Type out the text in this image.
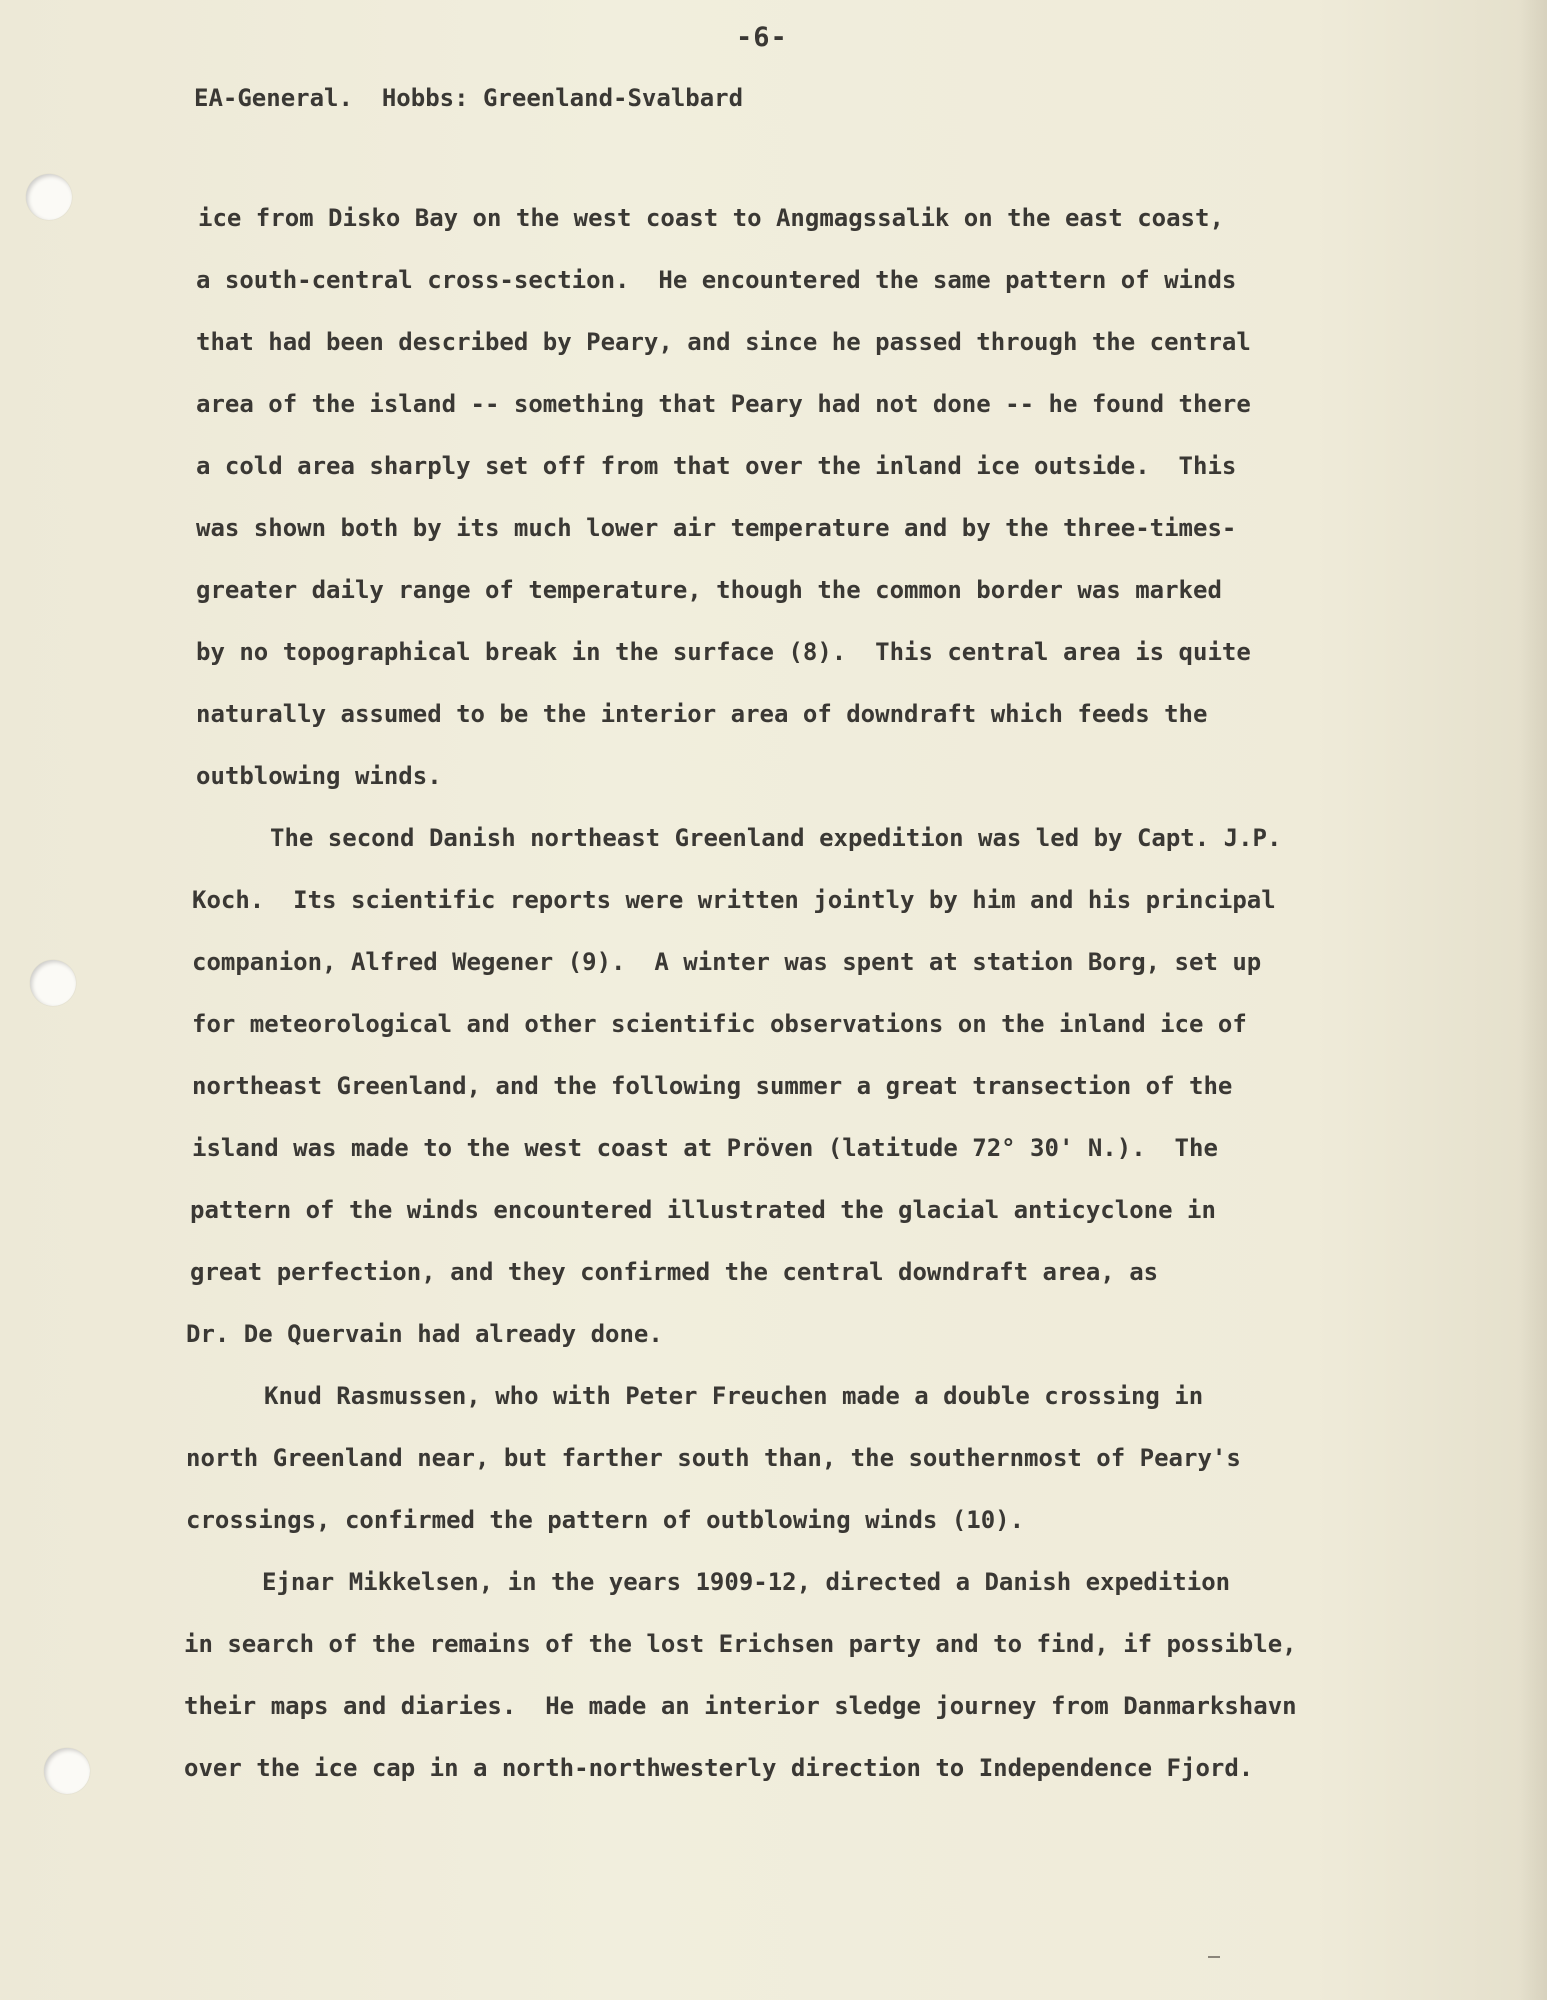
-6-
EA-General.  Hobbs: Greenland-Svalbard
ice from Disko Bay on the west coast to Angmagssalik on the east coast,
a south-central cross-section.  He encountered the same pattern of winds
that had been described by Peary, and since he passed through the central
area of the island -- something that Peary had not done -- he found there
a cold area sharply set off from that over the inland ice outside.  This
was shown both by its much lower air temperature and by the three-times-
greater daily range of temperature, though the common border was marked
by no topographical break in the surface (8).  This central area is quite
naturally assumed to be the interior area of downdraft which feeds the
outblowing winds.
The second Danish northeast Greenland expedition was led by Capt. J.P.
Koch.  Its scientific reports were written jointly by him and his principal
companion, Alfred Wegener (9).  A winter was spent at station Borg, set up
for meteorological and other scientific observations on the inland ice of
northeast Greenland, and the following summer a great transection of the
island was made to the west coast at Pröven (latitude 72° 30' N.).  The
pattern of the winds encountered illustrated the glacial anticyclone in
great perfection, and they confirmed the central downdraft area, as
Dr. De Quervain had already done.
Knud Rasmussen, who with Peter Freuchen made a double crossing in
north Greenland near, but farther south than, the southernmost of Peary's
crossings, confirmed the pattern of outblowing winds (10).
Ejnar Mikkelsen, in the years 1909-12, directed a Danish expedition
in search of the remains of the lost Erichsen party and to find, if possible,
their maps and diaries.  He made an interior sledge journey from Danmarkshavn
over the ice cap in a north-northwesterly direction to Independence Fjord.
